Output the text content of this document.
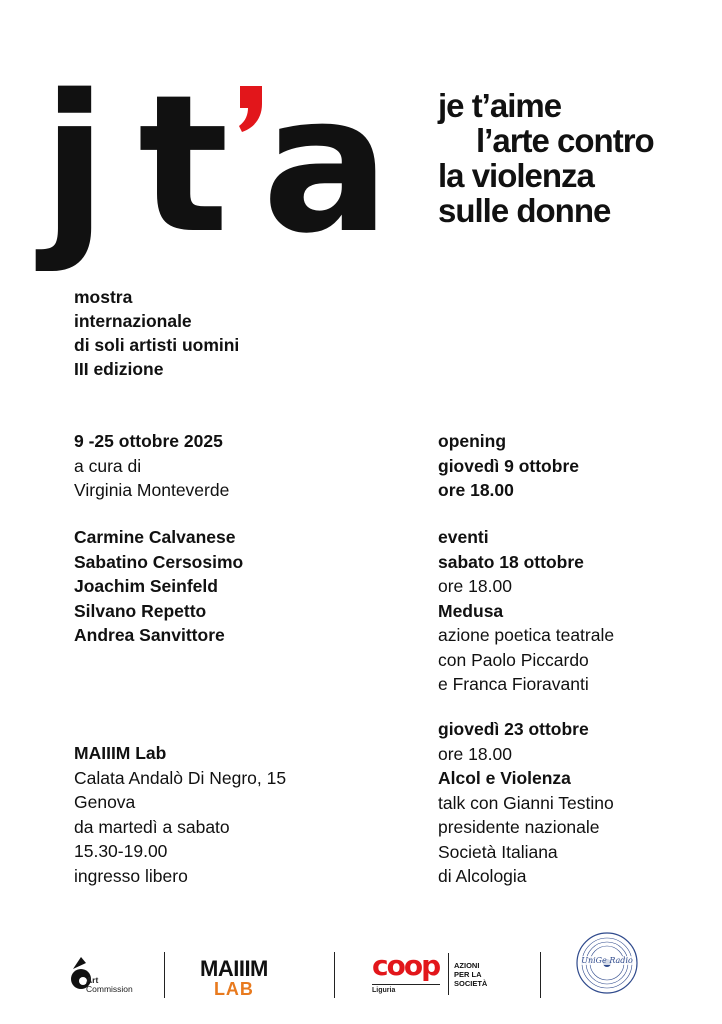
j t a je t’aime
l’arte contro
la violenza
sulle donne
mostra
internazionale
di soli artisti uomini
III edizione
9 -25 ottobre 2025
a cura di
Virginia Monteverde
Carmine Calvanese
Sabatino Cersosimo
Joachim Seinfeld
Silvano Repetto
Andrea Sanvittore
MAIIIM Lab
Calata Andalò Di Negro, 15
Genova
da martedì a sabato
15.30-19.00
ingresso libero
opening
giovedì 9 ottobre
ore 18.00
eventi
sabato 18 ottobre
ore 18.00
Medusa
azione poetica teatrale
con Paolo Piccardo
e Franca Fioravanti
giovedì 23 ottobre
ore 18.00
Alcol e Violenza
talk con Gianni Testino
presidente nazionale
Società Italiana
di Alcologia
Art
Commission
MAIIIM
LAB
coop
Liguria
AZIONI
PER LA
SOCIETÀ
UniGe Radio
